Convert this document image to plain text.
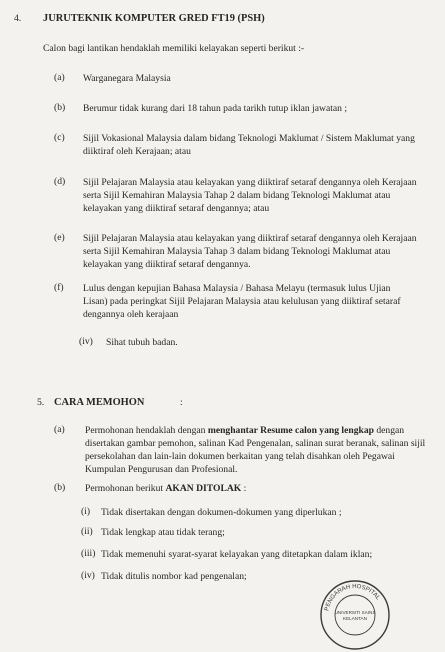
4. JURUTEKNIK KOMPUTER GRED FT19 (PSH)
Calon bagi lantikan hendaklah memiliki kelayakan seperti berikut :-
(a) Warganegara Malaysia
(b) Berumur tidak kurang dari 18 tahun pada tarikh tutup iklan jawatan ;
(c) Sijil Vokasional Malaysia dalam bidang Teknologi Maklumat / Sistem Maklumat yang
diiktiraf oleh Kerajaan; atau
(d) Sijil Pelajaran Malaysia atau kelayakan yang diiktiraf setaraf dengannya oleh Kerajaan
serta Sijil Kemahiran Malaysia Tahap 2 dalam bidang Teknologi Maklumat atau
kelayakan yang diiktiraf setaraf dengannya; atau
(e) Sijil Pelajaran Malaysia atau kelayakan yang diiktiraf setaraf dengannya oleh Kerajaan
serta Sijil Kemahiran Malaysia Tahap 3 dalam bidang Teknologi Maklumat atau
kelayakan yang diiktiraf setaraf dengannya.
(f) Lulus dengan kepujian Bahasa Malaysia / Bahasa Melayu (termasuk lulus Ujian
Lisan) pada peringkat Sijil Pelajaran Malaysia atau kelulusan yang diiktiraf setaraf
dengannya oleh kerajaan
(iv) Sihat tubuh badan.
5. CARA MEMOHON	:
(a) Permohonan hendaklah dengan menghantar Resume calon yang lengkap dengan
disertakan gambar pemohon, salinan Kad Pengenalan, salinan surat beranak, salinan sijil
persekolahan dan lain-lain dokumen berkaitan yang telah disahkan oleh Pegawai
Kumpulan Pengurusan dan Profesional.
(b) Permohonan berikut AKAN DITOLAK :
(i) Tidak disertakan dengan dokumen-dokumen yang diperlukan ;
(ii) Tidak lengkap atau tidak terang;
(iii) Tidak memenuhi syarat-syarat kelayakan yang ditetapkan dalam iklan;
(iv) Tidak ditulis nombor kad pengenalan;
PENGARAH HOSPITAL
UNIVERSITI SAINS
KELANTAN
